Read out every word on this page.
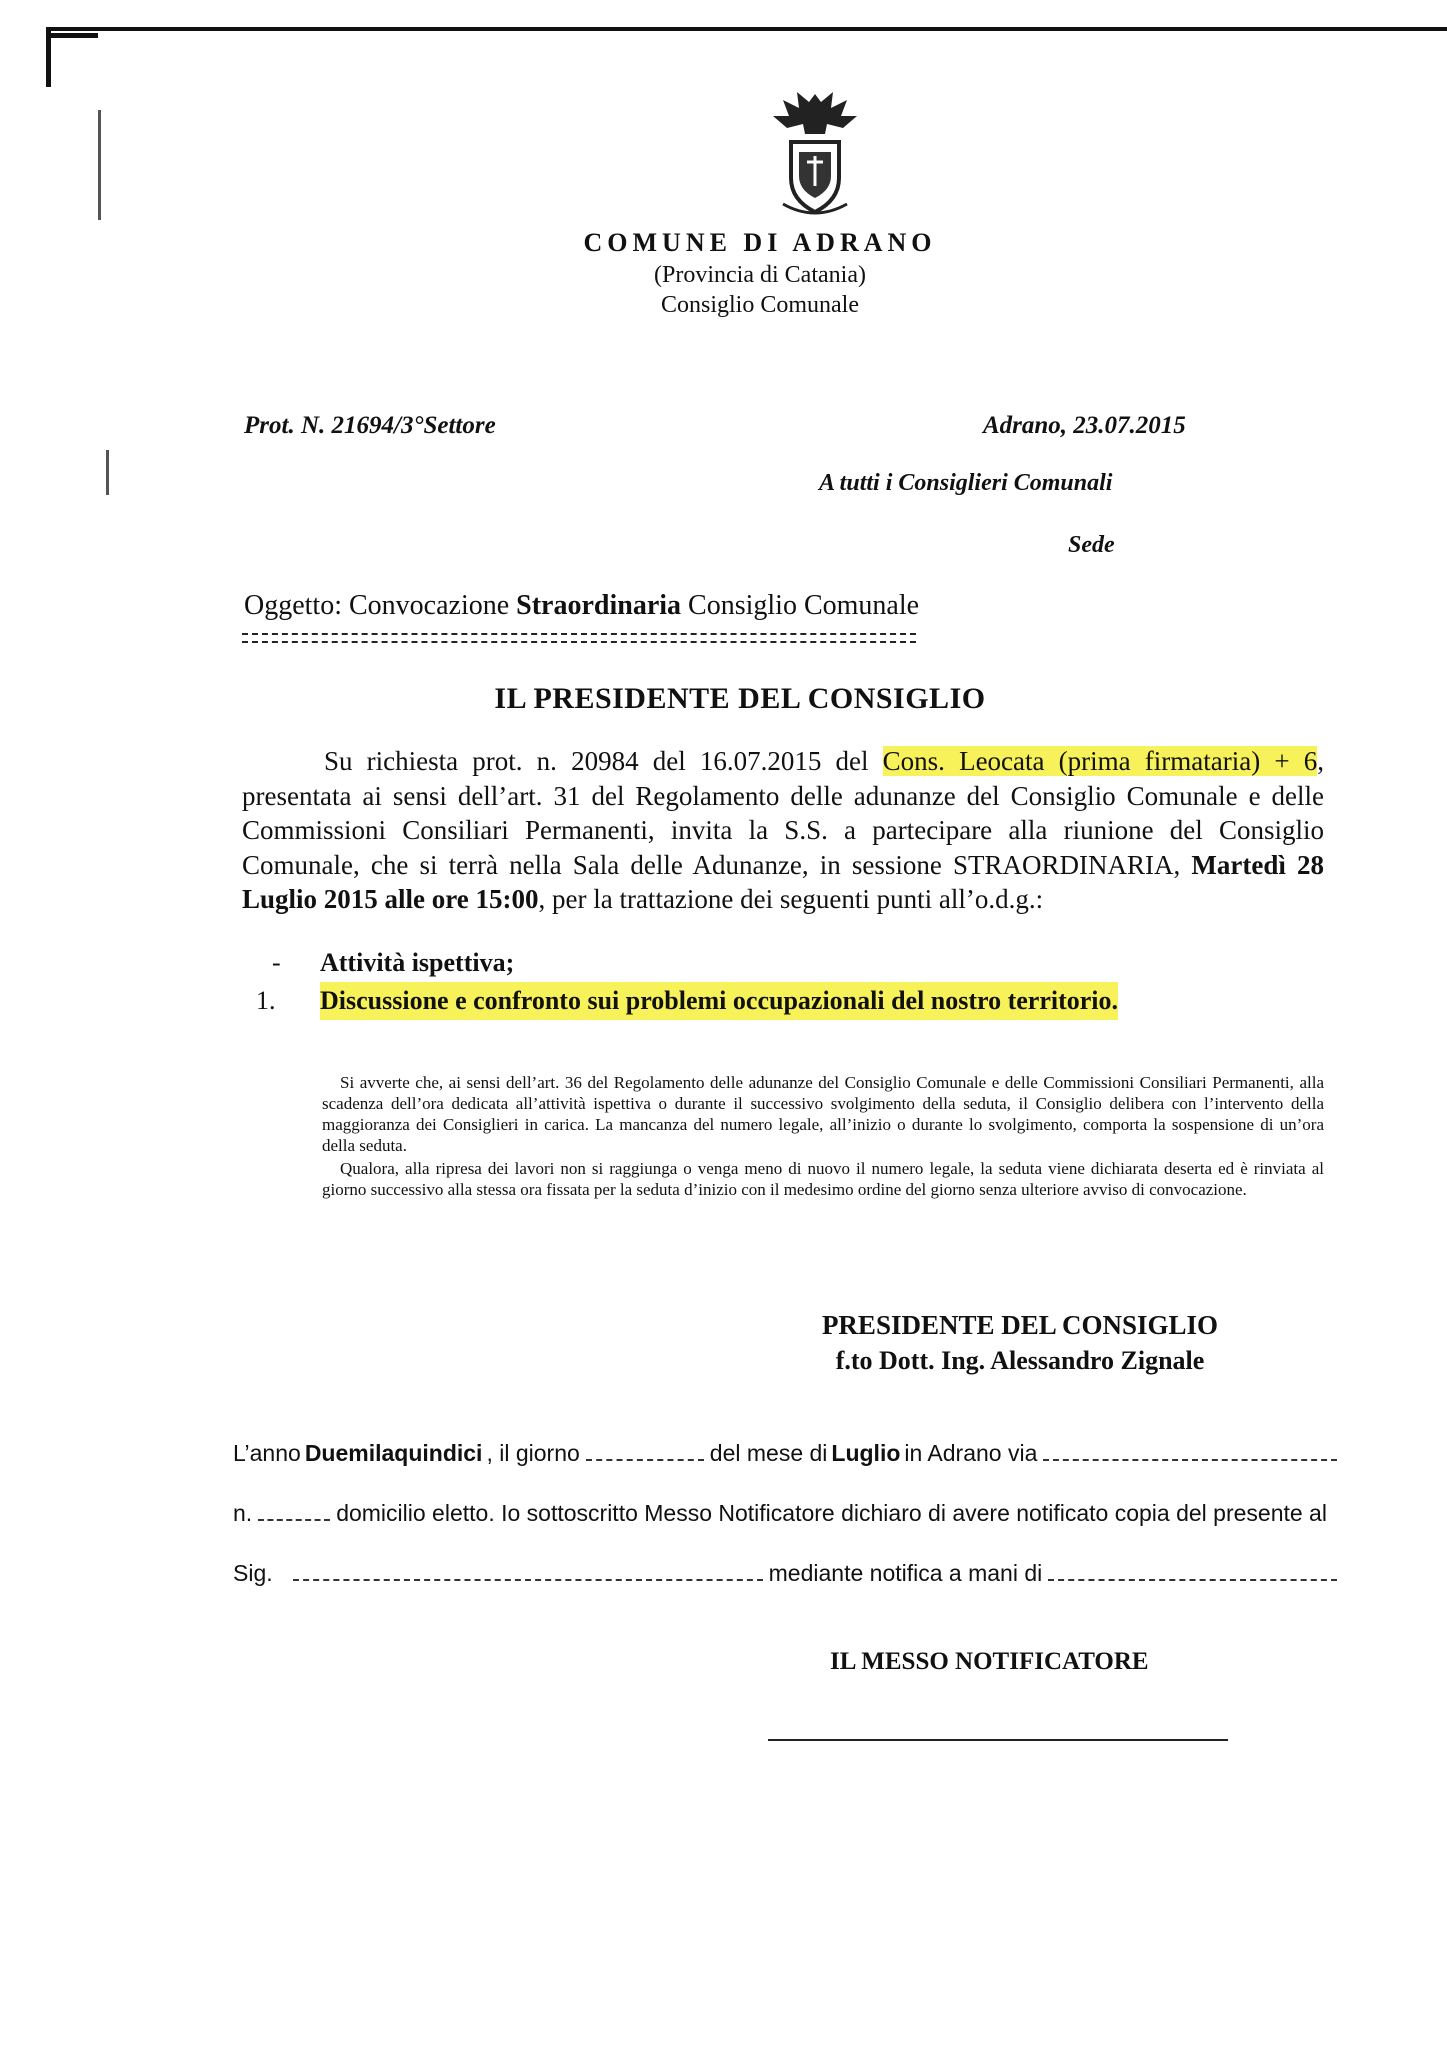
COMUNE DI ADRANO
(Provincia di Catania)
Consiglio Comunale
Prot. N. 21694/3°Settore	Adrano, 23.07.2015
A tutti i Consiglieri Comunali
Sede
Oggetto: Convocazione Straordinaria Consiglio Comunale
IL PRESIDENTE DEL CONSIGLIO

Su richiesta prot. n. 20984 del 16.07.2015 del Cons. Leocata (prima firmataria) + 6, presentata ai sensi dell’art. 31 del Regolamento delle adunanze del Consiglio Comunale e delle Commissioni Consiliari Permanenti, invita la S.S. a partecipare alla riunione del Consiglio Comunale, che si terrà nella Sala delle Adunanze, in sessione STRAORDINARIA, Martedì 28 Luglio 2015 alle ore 15:00, per la trattazione dei seguenti punti all’o.d.g.:

-	Attività ispettiva;
1.	Discussione e confronto sui problemi occupazionali del nostro territorio.

Si avverte che, ai sensi dell’art. 36 del Regolamento delle adunanze del Consiglio Comunale e delle Commissioni Consiliari Permanenti, alla scadenza dell’ora dedicata all’attività ispettiva o durante il successivo svolgimento della seduta, il Consiglio delibera con l’intervento della maggioranza dei Consiglieri in carica. La mancanza del numero legale, all’inizio o durante lo svolgimento, comporta la sospensione di un’ora della seduta.

Qualora, alla ripresa dei lavori non si raggiunga o venga meno di nuovo il numero legale, la seduta viene dichiarata deserta ed è rinviata al giorno successivo alla stessa ora fissata per la seduta d’inizio con il medesimo ordine del giorno senza ulteriore avviso di convocazione.

PRESIDENTE DEL CONSIGLIO
f.to Dott. Ing. Alessandro Zignale
L’anno Duemilaquindici , il giorno	del mese di Luglio in Adrano via
n.	domicilio eletto. Io sottoscritto Messo Notificatore dichiaro di avere notificato copia del presente al
Sig.	mediante notifica a mani di
IL MESSO NOTIFICATORE
